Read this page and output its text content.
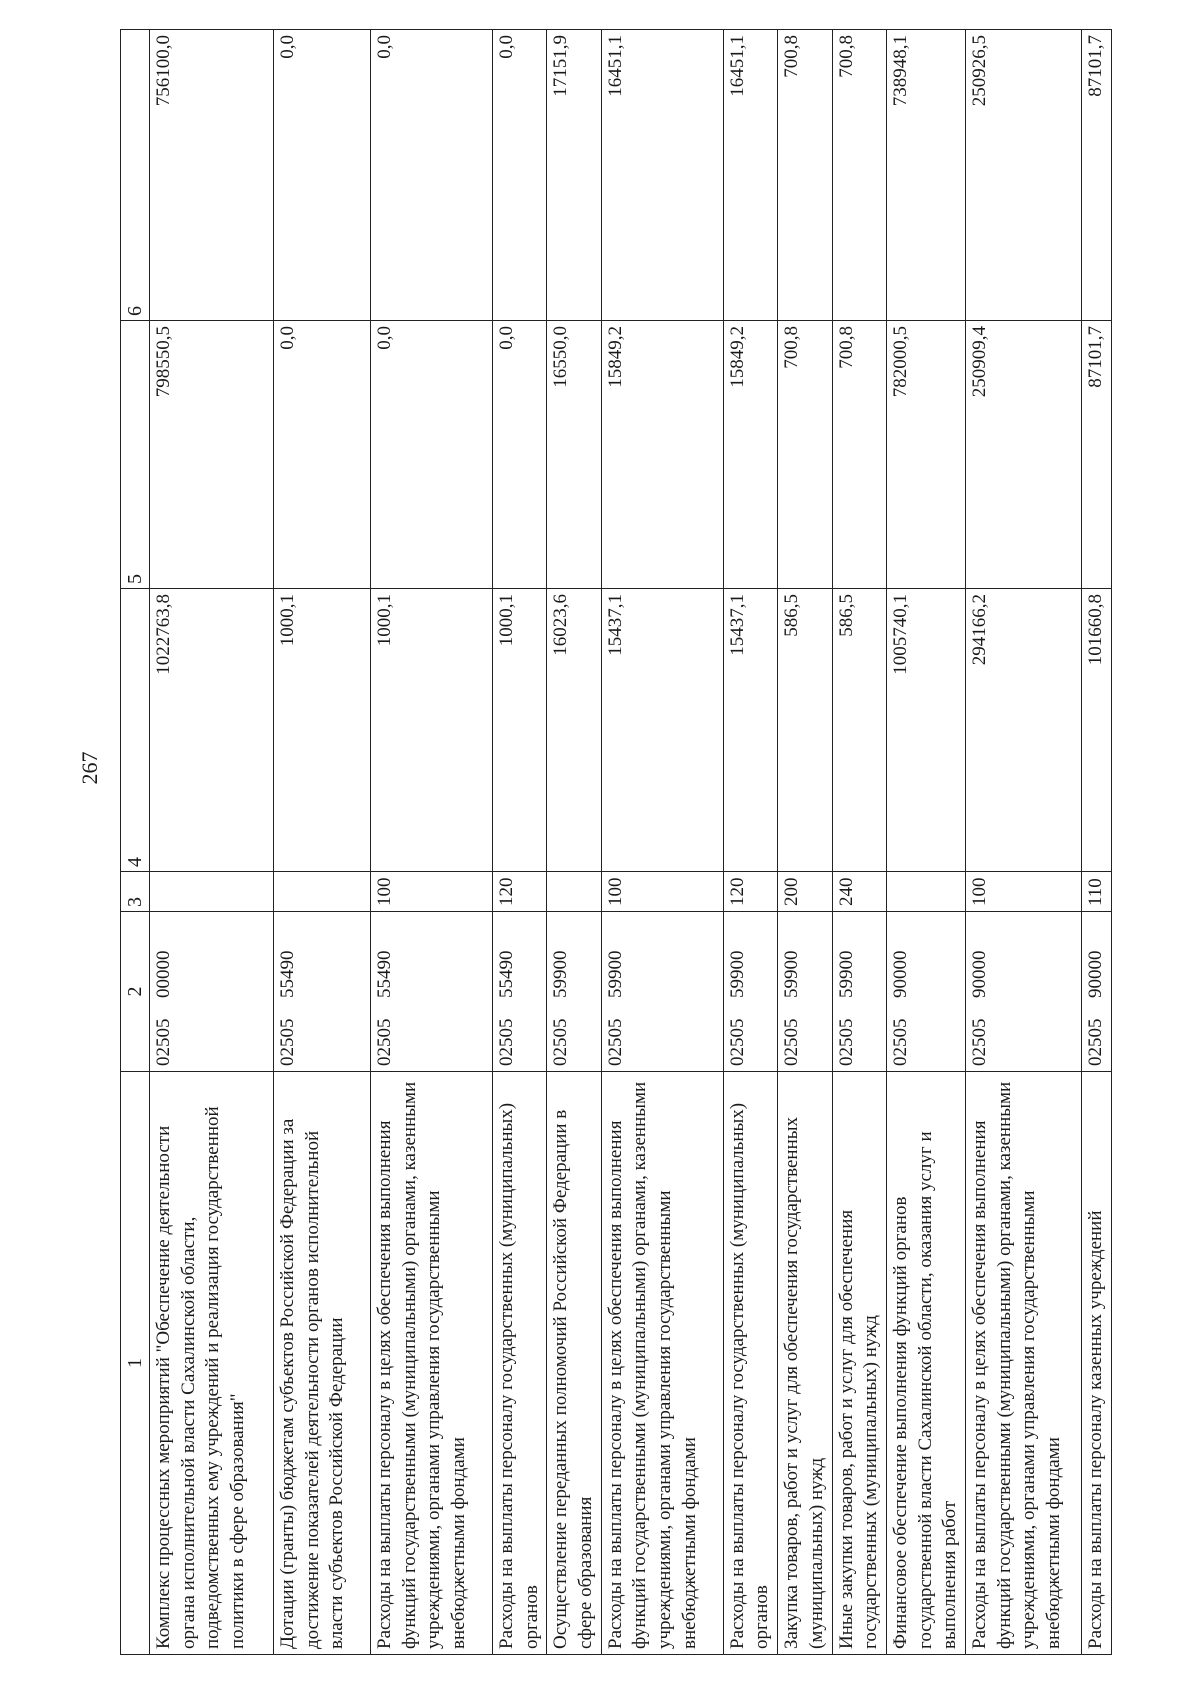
267
1	2	3	4	5	6
Комплекс процессных мероприятий "Обеспечение деятельности органа исполнительной власти Сахалинской области, подведомственных ему учреждений и реализация государственной политики в сфере образования"	0250500000		1022763,8	798550,5	756100,0
Дотации (гранты) бюджетам субъектов Российской Федерации за достижение показателей деятельности органов исполнительной власти субъектов Российской Федерации	0250555490		1000,1	0,0	0,0
Расходы на выплаты персоналу в целях обеспечения выполнения функций государственными (муниципальными) органами, казенными учреждениями, органами управления государственными внебюджетными фондами	0250555490	100	1000,1	0,0	0,0
Расходы на выплаты персоналу государственных (муниципальных) органов	0250555490	120	1000,1	0,0	0,0
Осуществление переданных полномочий Российской Федерации в сфере образования	0250559900		16023,6	16550,0	17151,9
Расходы на выплаты персоналу в целях обеспечения выполнения функций государственными (муниципальными) органами, казенными учреждениями, органами управления государственными внебюджетными фондами	0250559900	100	15437,1	15849,2	16451,1
Расходы на выплаты персоналу государственных (муниципальных) органов	0250559900	120	15437,1	15849,2	16451,1
Закупка товаров, работ и услуг для обеспечения государственных (муниципальных) нужд	0250559900	200	586,5	700,8	700,8
Иные закупки товаров, работ и услуг для обеспечения государственных (муниципальных) нужд	0250559900	240	586,5	700,8	700,8
Финансовое обеспечение выполнения функций органов государственной власти Сахалинской области, оказания услуг и выполнения работ	0250590000		1005740,1	782000,5	738948,1
Расходы на выплаты персоналу в целях обеспечения выполнения функций государственными (муниципальными) органами, казенными учреждениями, органами управления государственными внебюджетными фондами	0250590000	100	294166,2	250909,4	250926,5
Расходы на выплаты персоналу казенных учреждений	0250590000	110	101660,8	87101,7	87101,7
